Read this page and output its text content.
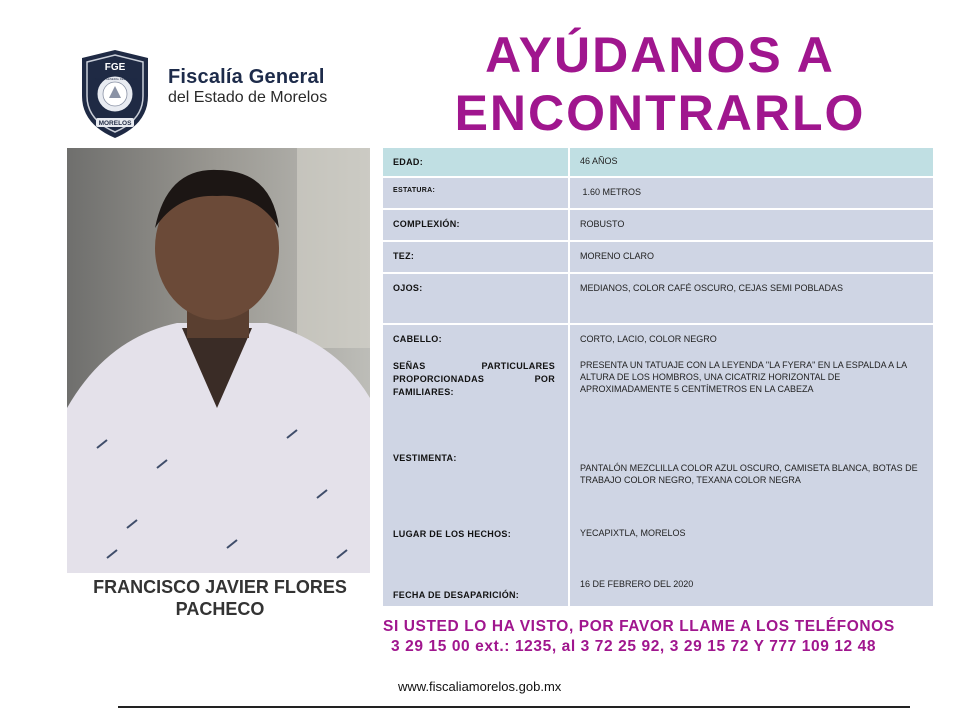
FGE
FISCALÍA GENERAL DEL ESTADO
MORELOS
Fiscalía General
del Estado de Morelos
AYÚDANOS A
ENCONTRARLO
FRANCISCO JAVIER FLORES PACHECO
EDAD:	46 AÑOS
ESTATURA:	1.60 METROS
COMPLEXIÓN:	ROBUSTO
TEZ:	MORENO CLARO
OJOS:	MEDIANOS, COLOR CAFÉ OSCURO, CEJAS SEMI POBLADAS
CABELLO:	CORTO, LACIO, COLOR NEGRO
SEÑAS PARTICULARES PROPORCIONADAS POR FAMILIARES:
PRESENTA UN TATUAJE CON LA LEYENDA "LA FYERA" EN LA ESPALDA A LA ALTURA DE LOS HOMBROS, UNA CICATRIZ HORIZONTAL DE APROXIMADAMENTE 5 CENTÍMETROS EN LA CABEZA
VESTIMENTA:
PANTALÓN MEZCLILLA COLOR AZUL OSCURO, CAMISETA BLANCA, BOTAS DE TRABAJO COLOR NEGRO, TEXANA COLOR NEGRA
LUGAR DE LOS HECHOS:	YECAPIXTLA, MORELOS
FECHA DE DESAPARICIÓN:
16 DE FEBRERO DEL 2020
SI USTED LO HA VISTO, POR FAVOR LLAME A LOS TELÉFONOS
3 29 15 00 ext.: 1235, al 3 72 25 92, 3 29 15 72 Y 777 109 12 48
www.fiscaliamorelos.gob.mx
